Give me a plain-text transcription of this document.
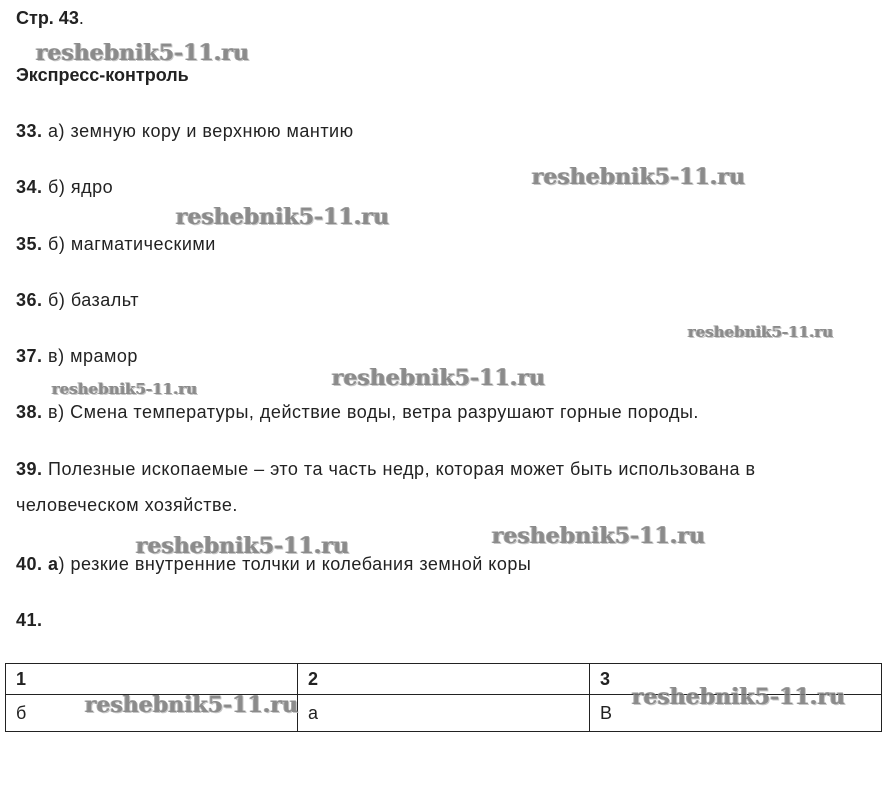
Стр. 43.
Экспресс-контроль
33. а) земную кору и верхнюю мантию
34. б) ядро
35. б) магматическими
36. б) базальт
37. в) мрамор
38. в) Смена температуры, действие воды, ветра разрушают горные породы.
39. Полезные ископаемые – это та часть недр, которая может быть использована в человеческом хозяйстве.
40. а) резкие внутренние толчки и колебания земной коры
41.
1	2	3
б	а	В
reshebnik5-11.ru
reshebnik5-11.ru
reshebnik5-11.ru
reshebnik5-11.ru
reshebnik5-11.ru
reshebnik5-11.ru
reshebnik5-11.ru
reshebnik5-11.ru
reshebnik5-11.ru	reshebnik5-11.ru
